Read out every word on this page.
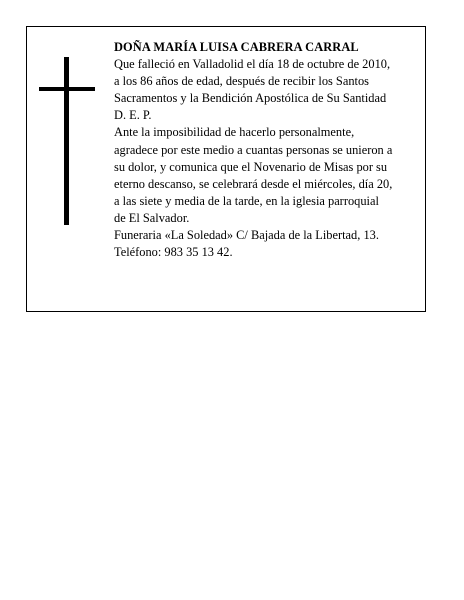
DOÑA MARÍA LUISA CABRERA CARRAL

Que falleció en Valladolid el día 18 de octubre de 2010,
a los 86 años de edad, después de recibir los Santos
Sacramentos y la Bendición Apostólica de Su Santidad

D. E. P.

Ante la imposibilidad de hacerlo personalmente,
agradece por este medio a cuantas personas se unieron a
su dolor, y comunica que el Novenario de Misas por su
eterno descanso, se celebrará desde el miércoles, día 20,
a las siete y media de la tarde, en la iglesia parroquial
de El Salvador.

Funeraria «La Soledad» C/ Bajada de la Libertad, 13.

Teléfono: 983 35 13 42.
